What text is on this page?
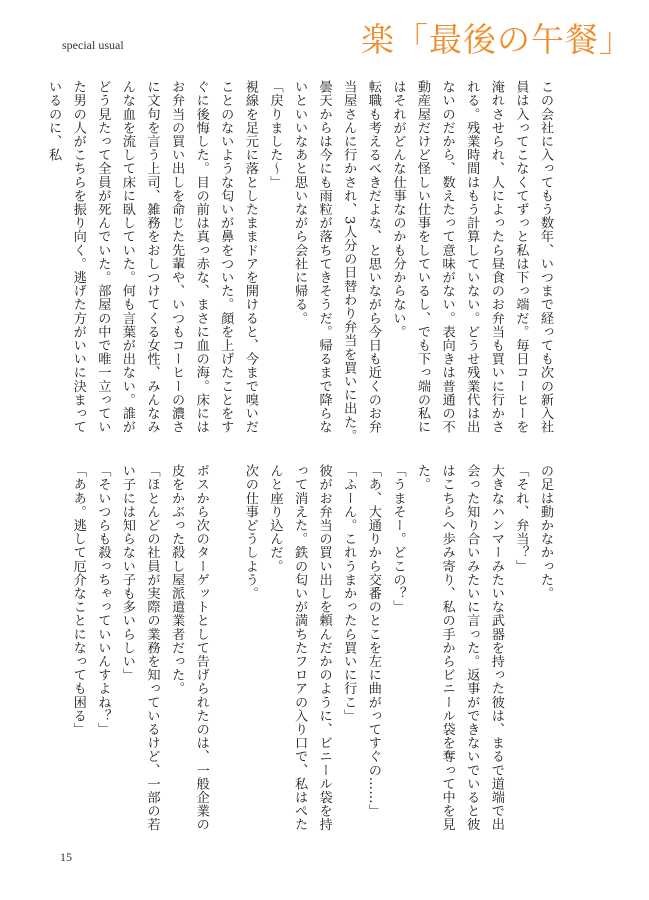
special usual	楽「最後の午餐」

この会社に入ってもう数年、いつまで経っても次の新入社員は入ってこなくてずっと私は下っ端だ。毎日コーヒーを淹れさせられ、人によったら昼食のお弁当も買いに行かされる。残業時間はもう計算していない。どうせ残業代は出ないのだから、数えたって意味がない。表向きは普通の不動産屋だけど怪しい仕事をしているし、でも下っ端の私にはそれがどんな仕事なのかも分からない。

転職も考えるべきだよな、と思いながら今日も近くのお弁当屋さんに行かされ、3人分の日替わり弁当を買いに出た。曇天からは今にも雨粒が落ちてきそうだ。帰るまで降らないといいなあと思いながら会社に帰る。

「戻りました〜」

視線を足元に落としたままドアを開けると、今まで嗅いだことのないような匂いが鼻をついた。顔を上げたことをすぐに後悔した。目の前は真っ赤な、まさに血の海。床にはお弁当の買い出しを命じた先輩や、いつもコーヒーの濃さに文句を言う上司、雑務をおしつけてくる女性、みんなみんな血を流して床に臥していた。何も言葉が出ない。誰がどう見たって全員が死んでいた。部屋の中で唯一立っていた男の人がこちらを振り向く。逃げた方がいいに決まっているのに、私

の足は動かなかった。

「それ、弁当？」

大きなハンマーみたいな武器を持った彼は、まるで道端で出会った知り合いみたいに言った。返事ができないでいると彼はこちらへ歩み寄り、私の手からビニール袋を奪って中を見た。

「うまそー。どこの？」

「あ、大通りから交番のとこを左に曲がってすぐの……」

「ふーん。これうまかったら買いに行こ」

彼がお弁当の買い出しを頼んだかのように、ビニール袋を持って消えた。鉄の匂いが満ちたフロアの入り口で、私はぺたんと座り込んだ。

次の仕事どうしよう。

ボスから次のターゲットとして告げられたのは、一般企業の皮をかぶった殺し屋派遣業者だった。

「ほとんどの社員が実際の業務を知っているけど、一部の若い子には知らない子も多いらしい」

「そいつらも殺っちゃっていいんすよね？」

「ああ。逃して厄介なことになっても困る」

15
